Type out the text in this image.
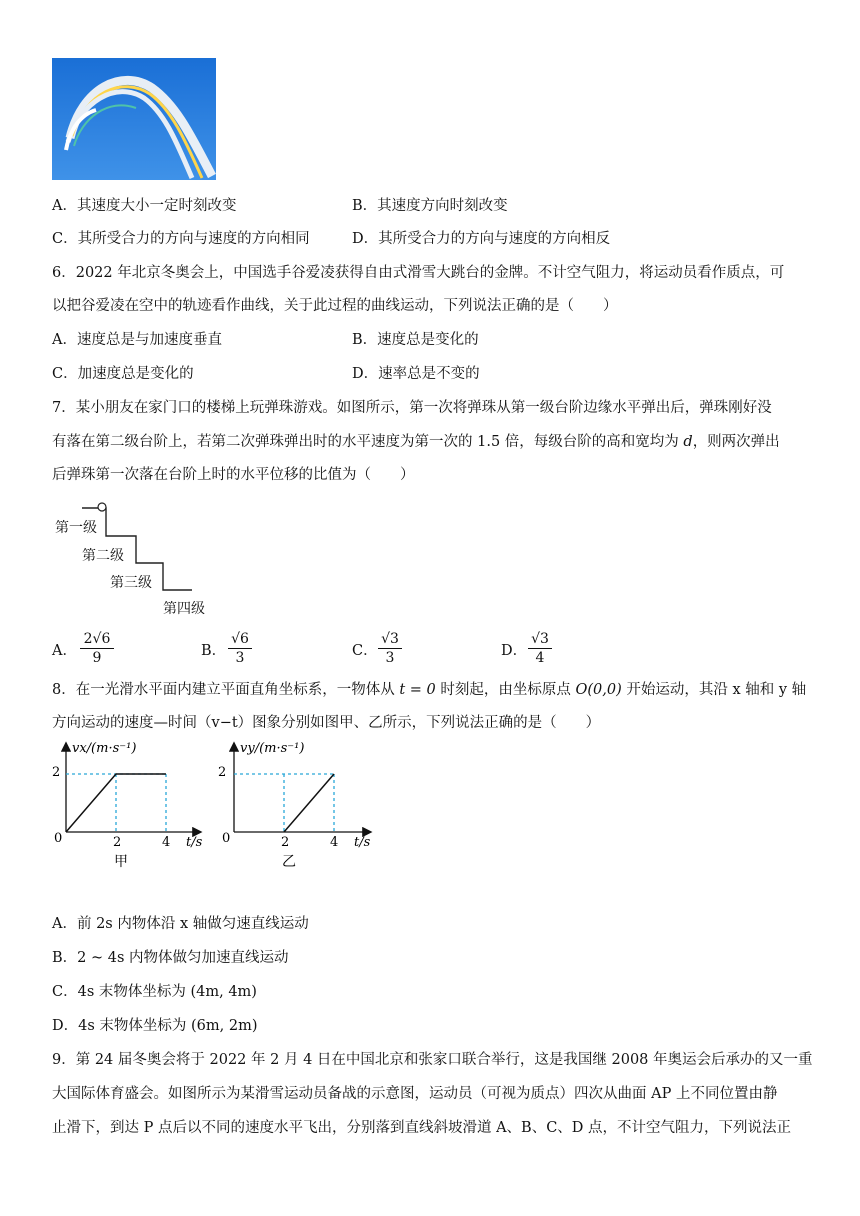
A．其速度大小一定时刻改变	B．其速度方向时刻改变
C．其所受合力的方向与速度的方向相同	D．其所受合力的方向与速度的方向相反
6．2022 年北京冬奥会上，中国选手谷爱凌获得自由式滑雪大跳台的金牌。不计空气阻力，将运动员看作质点，可
以把谷爱凌在空中的轨迹看作曲线，关于此过程的曲线运动，下列说法正确的是（　　）
A．速度总是与加速度垂直	B．速度总是变化的
C．加速度总是变化的	D．速率总是不变的
7．某小朋友在家门口的楼梯上玩弹珠游戏。如图所示，第一次将弹珠从第一级台阶边缘水平弹出后，弹珠刚好没
有落在第二级台阶上，若第二次弹珠弹出时的水平速度为第一次的 1.5 倍，每级台阶的高和宽均为 d，则两次弹出
后弹珠第一次落在台阶上时的水平位移的比值为（　　）
第一级
第二级
第三级
第四级
A． $\frac{2√6}{9}$	B． $\frac{√6}{3}$	C． $\frac{√3}{3}$	D． $\frac{√3}{4}$
8．在一光滑水平面内建立平面直角坐标系，一物体从 t = 0 时刻起，由坐标原点 O(0,0) 开始运动，其沿 x 轴和 y 轴
方向运动的速度—时间（v−t）图象分别如图甲、乙所示，下列说法正确的是（　　）
vx/(m·s⁻¹)
2
0	2	4 t/s
甲
vy/(m·s⁻¹)
2
0	2	4 t/s
乙
A．前 2s 内物体沿 x 轴做匀速直线运动
B．2 ~ 4s 内物体做匀加速直线运动
C．4s 末物体坐标为 (4m, 4m)
D．4s 末物体坐标为 (6m, 2m)
9．第 24 届冬奥会将于 2022 年 2 月 4 日在中国北京和张家口联合举行，这是我国继 2008 年奥运会后承办的又一重
大国际体育盛会。如图所示为某滑雪运动员备战的示意图，运动员（可视为质点）四次从曲面 AP 上不同位置由静
止滑下，到达 P 点后以不同的速度水平飞出，分别落到直线斜坡滑道 A、B、C、D 点，不计空气阻力，下列说法正
